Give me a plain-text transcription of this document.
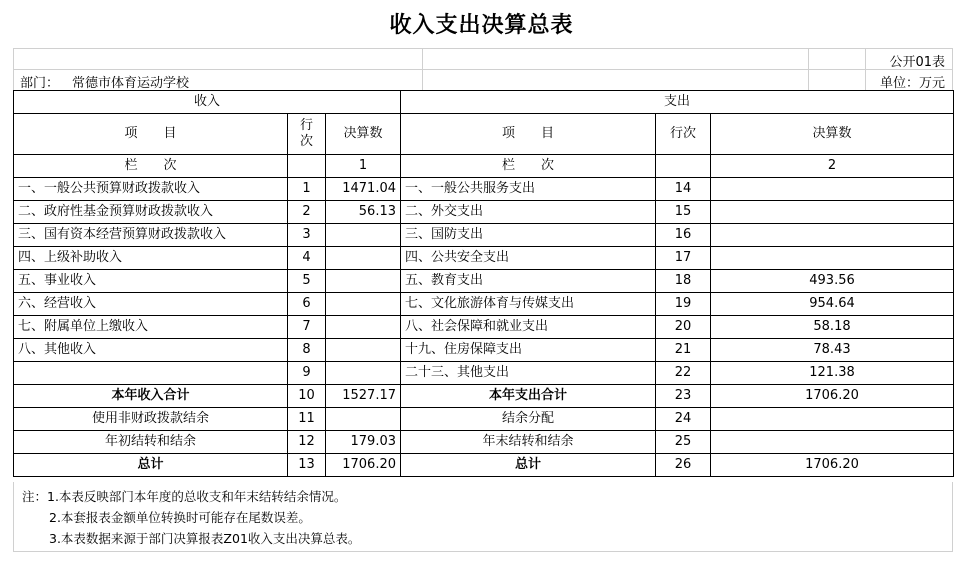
收入支出决算总表
公开01表
部门： 常德市体育运动学校	单位：万元
收入			支出		
项　　目	行次	决算数	项　　目	行次	决算数
栏　　次		1	栏　　次		2
一、一般公共预算财政拨款收入	1	1471.04	一、一般公共服务支出	14	
二、政府性基金预算财政拨款收入	2	56.13	二、外交支出	15	
三、国有资本经营预算财政拨款收入	3		三、国防支出	16	
四、上级补助收入	4		四、公共安全支出	17	
五、事业收入	5		五、教育支出	18	493.56
六、经营收入	6		七、文化旅游体育与传媒支出	19	954.64
七、附属单位上缴收入	7		八、社会保障和就业支出	20	58.18
八、其他收入	8		十九、住房保障支出	21	78.43
	9		二十三、其他支出	22	121.38
本年收入合计	10	1527.17	本年支出合计	23	1706.20
使用非财政拨款结余	11		结余分配	24	
年初结转和结余	12	179.03	年末结转和结余	25	
总计	13	1706.20	总计	26	1706.20
注：1.本表反映部门本年度的总收支和年末结转结余情况。
2.本套报表金额单位转换时可能存在尾数误差。
3.本表数据来源于部门决算报表Z01收入支出决算总表。
